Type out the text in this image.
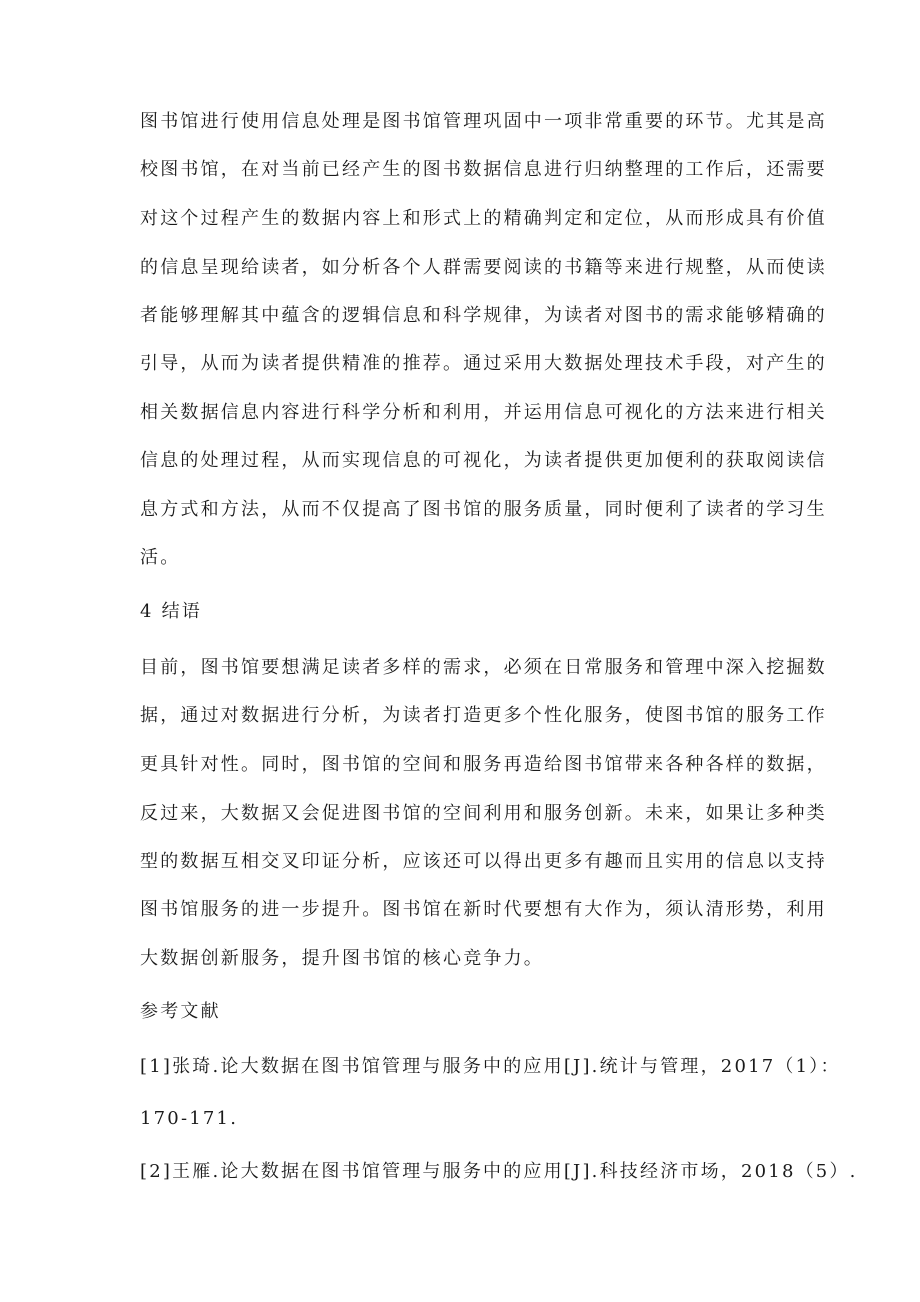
图书馆进行使用信息处理是图书馆管理巩固中一项非常重要的环节。尤其是高
校图书馆，在对当前已经产生的图书数据信息进行归纳整理的工作后，还需要
对这个过程产生的数据内容上和形式上的精确判定和定位，从而形成具有价值
的信息呈现给读者，如分析各个人群需要阅读的书籍等来进行规整，从而使读
者能够理解其中蕴含的逻辑信息和科学规律，为读者对图书的需求能够精确的
引导，从而为读者提供精准的推荐。通过采用大数据处理技术手段，对产生的
相关数据信息内容进行科学分析和利用，并运用信息可视化的方法来进行相关
信息的处理过程，从而实现信息的可视化，为读者提供更加便利的获取阅读信
息方式和方法，从而不仅提高了图书馆的服务质量，同时便利了读者的学习生
活。
4 结语
目前，图书馆要想满足读者多样的需求，必须在日常服务和管理中深入挖掘数
据，通过对数据进行分析，为读者打造更多个性化服务，使图书馆的服务工作
更具针对性。同时，图书馆的空间和服务再造给图书馆带来各种各样的数据，
反过来，大数据又会促进图书馆的空间利用和服务创新。未来，如果让多种类
型的数据互相交叉印证分析，应该还可以得出更多有趣而且实用的信息以支持
图书馆服务的进一步提升。图书馆在新时代要想有大作为，须认清形势，利用
大数据创新服务，提升图书馆的核心竞争力。
参考文献
[1]张琦.论大数据在图书馆管理与服务中的应用[J].统计与管理，2017（1）：
170-171.
[2]王雁.论大数据在图书馆管理与服务中的应用[J].科技经济市场，2018（5）.
